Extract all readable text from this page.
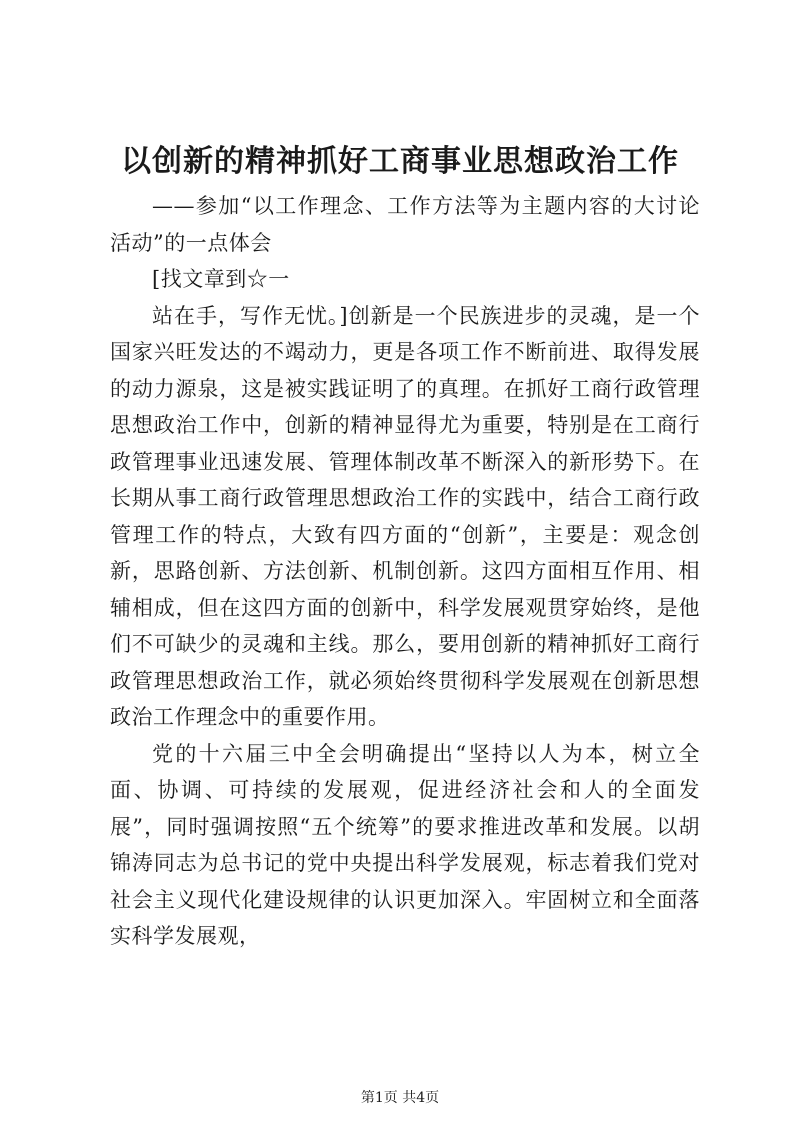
以创新的精神抓好工商事业思想政治工作

——参加“以工作理念、工作方法等为主题内容的大讨论活动”的一点体会

[找文章到☆一

站在手，写作无忧。]创新是一个民族进步的灵魂，是一个国家兴旺发达的不竭动力，更是各项工作不断前进、取得发展的动力源泉，这是被实践证明了的真理。在抓好工商行政管理思想政治工作中，创新的精神显得尤为重要，特别是在工商行政管理事业迅速发展、管理体制改革不断深入的新形势下。在长期从事工商行政管理思想政治工作的实践中，结合工商行政管理工作的特点，大致有四方面的“创新”，主要是：观念创新，思路创新、方法创新、机制创新。这四方面相互作用、相辅相成，但在这四方面的创新中，科学发展观贯穿始终，是他们不可缺少的灵魂和主线。那么，要用创新的精神抓好工商行政管理思想政治工作，就必须始终贯彻科学发展观在创新思想政治工作理念中的重要作用。

党的十六届三中全会明确提出“坚持以人为本，树立全面、协调、可持续的发展观，促进经济社会和人的全面发展”，同时强调按照“五个统筹”的要求推进改革和发展。以胡锦涛同志为总书记的党中央提出科学发展观，标志着我们党对社会主义现代化建设规律的认识更加深入。牢固树立和全面落实科学发展观，

第1页 共4页
